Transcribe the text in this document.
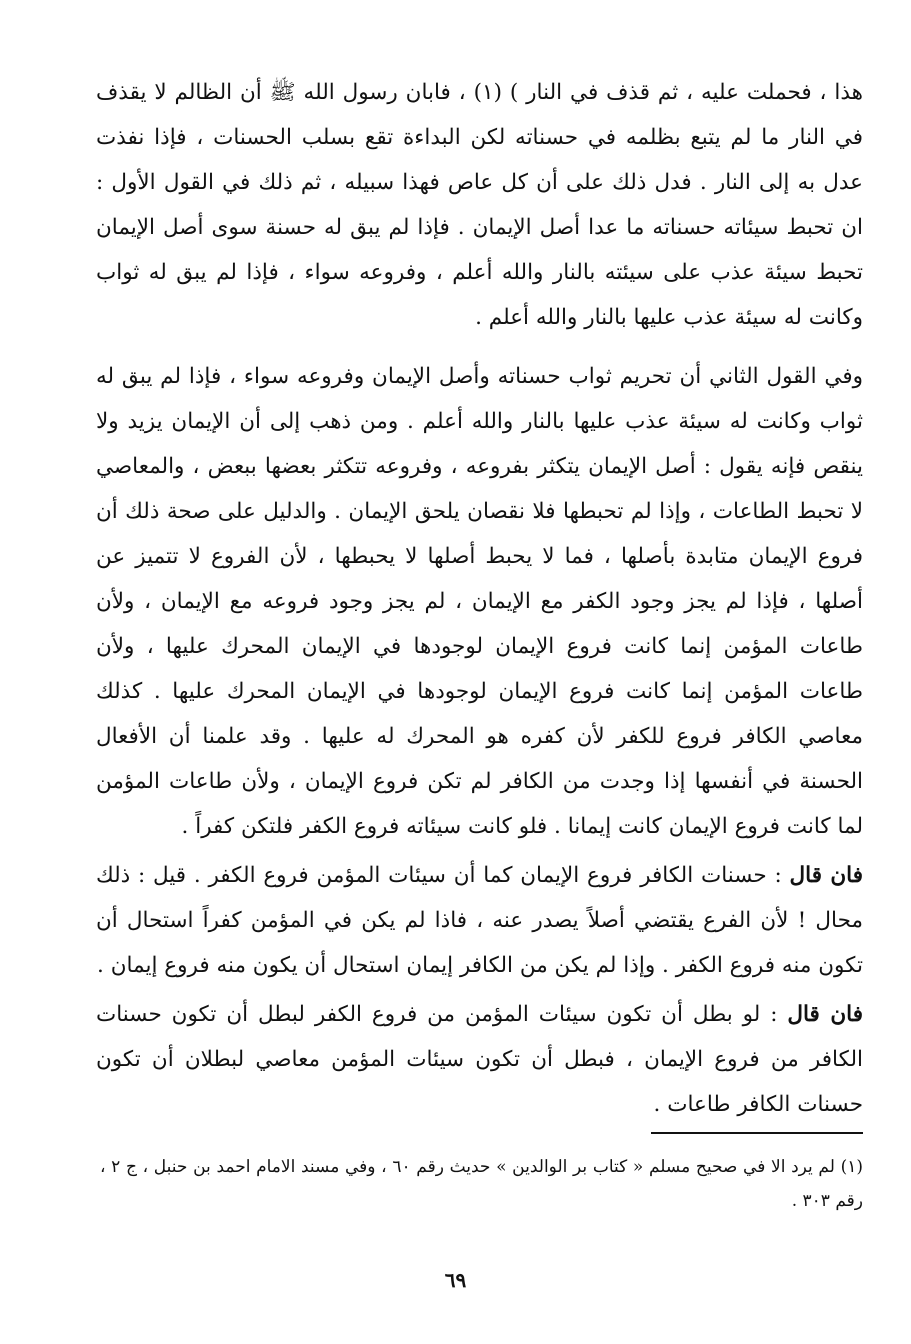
هذا ، فحملت عليه ، ثم قذف في النار ) (١) ، فابان رسول الله ﷺ أن الظالم لا يقذف في النار ما لم يتبع بظلمه في حسناته لكن البداءة تقع بسلب الحسنات ، فإذا نفذت عدل به إلى النار . فدل ذلك على أن كل عاص فهذا سبيله ، ثم ذلك في القول الأول : ان تحبط سيئاته حسناته ما عدا أصل الإيمان . فإذا لم يبق له حسنة سوى أصل الإيمان تحبط سيئة عذب على سيئته بالنار والله أعلم ، وفروعه سواء ، فإذا لم يبق له ثواب وكانت له سيئة عذب عليها بالنار والله أعلم .

وفي القول الثاني أن تحريم ثواب حسناته وأصل الإيمان وفروعه سواء ، فإذا لم يبق له ثواب وكانت له سيئة عذب عليها بالنار والله أعلم . ومن ذهب إلى أن الإيمان يزيد ولا ينقص فإنه يقول : أصل الإيمان يتكثر بفروعه ، وفروعه تتكثر بعضها ببعض ، والمعاصي لا تحبط الطاعات ، وإذا لم تحبطها فلا نقصان يلحق الإيمان . والدليل على صحة ذلك أن فروع الإيمان متابدة بأصلها ، فما لا يحبط أصلها لا يحبطها ، لأن الفروع لا تتميز عن أصلها ، فإذا لم يجز وجود الكفر مع الإيمان ، لم يجز وجود فروعه مع الإيمان ، ولأن طاعات المؤمن إنما كانت فروع الإيمان لوجودها في الإيمان المحرك عليها ، ولأن طاعات المؤمن إنما كانت فروع الإيمان لوجودها في الإيمان المحرك عليها . كذلك معاصي الكافر فروع للكفر لأن كفره هو المحرك له عليها . وقد علمنا أن الأفعال الحسنة في أنفسها إذا وجدت من الكافر لم تكن فروع الإيمان ، ولأن طاعات المؤمن لما كانت فروع الإيمان كانت إيمانا . فلو كانت سيئاته فروع الكفر فلتكن كفراً .

فان قال : حسنات الكافر فروع الإيمان كما أن سيئات المؤمن فروع الكفر . قيل : ذلك محال ! لأن الفرع يقتضي أصلاً يصدر عنه ، فاذا لم يكن في المؤمن كفراً استحال أن تكون منه فروع الكفر . وإذا لم يكن من الكافر إيمان استحال أن يكون منه فروع إيمان .

فان قال : لو بطل أن تكون سيئات المؤمن من فروع الكفر لبطل أن تكون حسنات الكافر من فروع الإيمان ، فبطل أن تكون سيئات المؤمن معاصي لبطلان أن تكون حسنات الكافر طاعات .

(١) لم يرد الا في صحيح مسلم « كتاب بر الوالدين » حديث رقم ٦٠ ، وفي مسند الامام احمد بن حنبل ، ج ٢ ، رقم ٣٠٣ .
٦٩
